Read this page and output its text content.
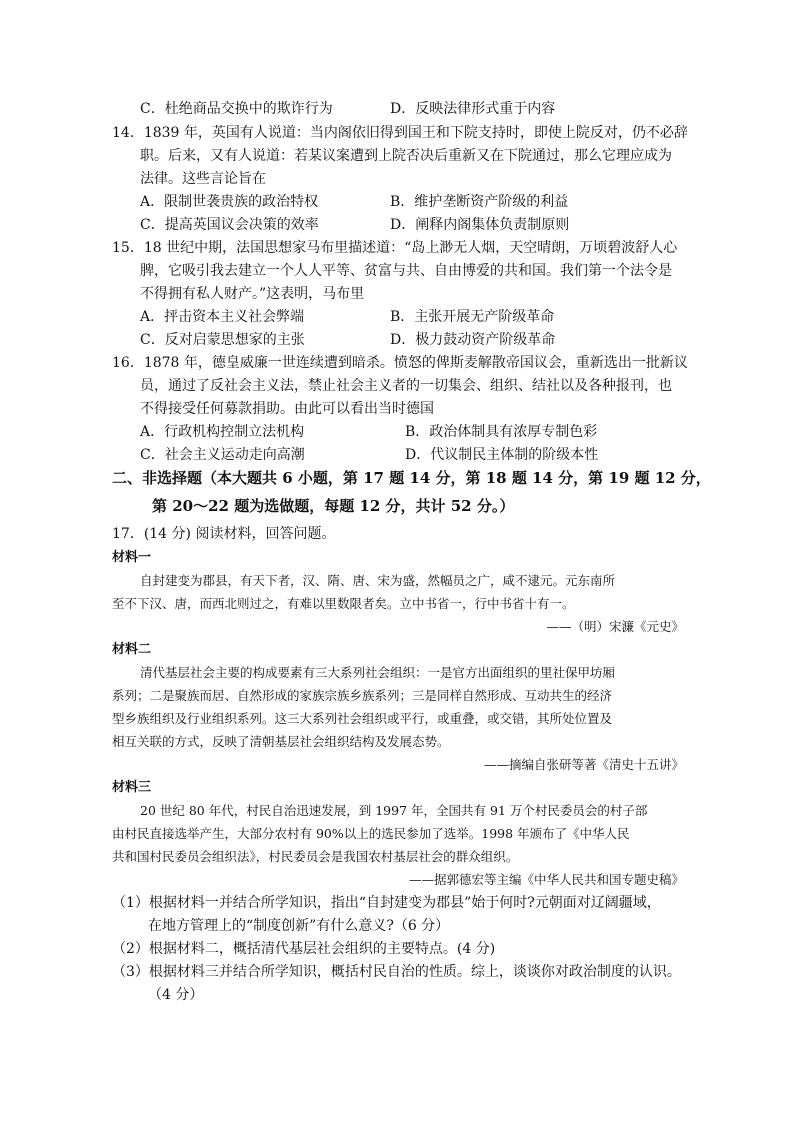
C．杜绝商品交换中的欺诈行为	D．反映法律形式重于内容
14．1839 年，英国有人说道：当内阁依旧得到国王和下院支持时，即使上院反对，仍不必辞
职。后来，又有人说道：若某议案遭到上院否决后重新又在下院通过，那么它理应成为
法律。这些言论旨在
A．限制世袭贵族的政治特权	B．维护垄断资产阶级的利益
C．提高英国议会决策的效率	D．阐释内阁集体负责制原则
15．18 世纪中期，法国思想家马布里描述道：“岛上渺无人烟，天空晴朗，万顷碧波舒人心
脾，它吸引我去建立一个人人平等、贫富与共、自由博爱的共和国。我们第一个法令是
不得拥有私人财产。”这表明，马布里
A．抨击资本主义社会弊端	B．主张开展无产阶级革命
C．反对启蒙思想家的主张	D．极力鼓动资产阶级革命
16．1878 年，德皇威廉一世连续遭到暗杀。愤怒的俾斯麦解散帝国议会，重新选出一批新议
员，通过了反社会主义法，禁止社会主义者的一切集会、组织、结社以及各种报刊，也
不得接受任何募款捐助。由此可以看出当时德国
A．行政机构控制立法机构	B．政治体制具有浓厚专制色彩
C．社会主义运动走向高潮	D．代议制民主体制的阶级本性
二、非选择题（本大题共 6 小题，第 17 题 14 分，第 18 题 14 分，第 19 题 12 分，
第 20～22 题为选做题，每题 12 分，共计 52 分。）
17．(14 分) 阅读材料，回答问题。
材料一
自封建变为郡县，有天下者，汉、隋、唐、宋为盛，然幅员之广，咸不逮元。元东南所
至不下汉、唐，而西北则过之，有难以里数限者矣。立中书省一，行中书省十有一。
——（明）宋濂《元史》
材料二
清代基层社会主要的构成要素有三大系列社会组织：一是官方出面组织的里社保甲坊厢
系列；二是聚族而居、自然形成的家族宗族乡族系列；三是同样自然形成、互动共生的经济
型乡族组织及行业组织系列。这三大系列社会组织或平行，或重叠，或交错，其所处位置及
相互关联的方式，反映了清朝基层社会组织结构及发展态势。
——摘编自张研等著《清史十五讲》
材料三
20 世纪 80 年代，村民自治迅速发展，到 1997 年，全国共有 91 万个村民委员会的村子部
由村民直接选举产生，大部分农村有 90%以上的选民参加了选举。1998 年颁布了《中华人民
共和国村民委员会组织法》，村民委员会是我国农村基层社会的群众组织。
——据郭德宏等主编《中华人民共和国专题史稿》
（1）根据材料一并结合所学知识，指出“自封建变为郡县”始于何时?元朝面对辽阔疆域，
在地方管理上的“制度创新”有什么意义?（6 分）
（2）根据材料二，概括清代基层社会组织的主要特点。(4 分)
（3）根据材料三并结合所学知识，概括村民自治的性质。综上，谈谈你对政治制度的认识。
（4 分）
